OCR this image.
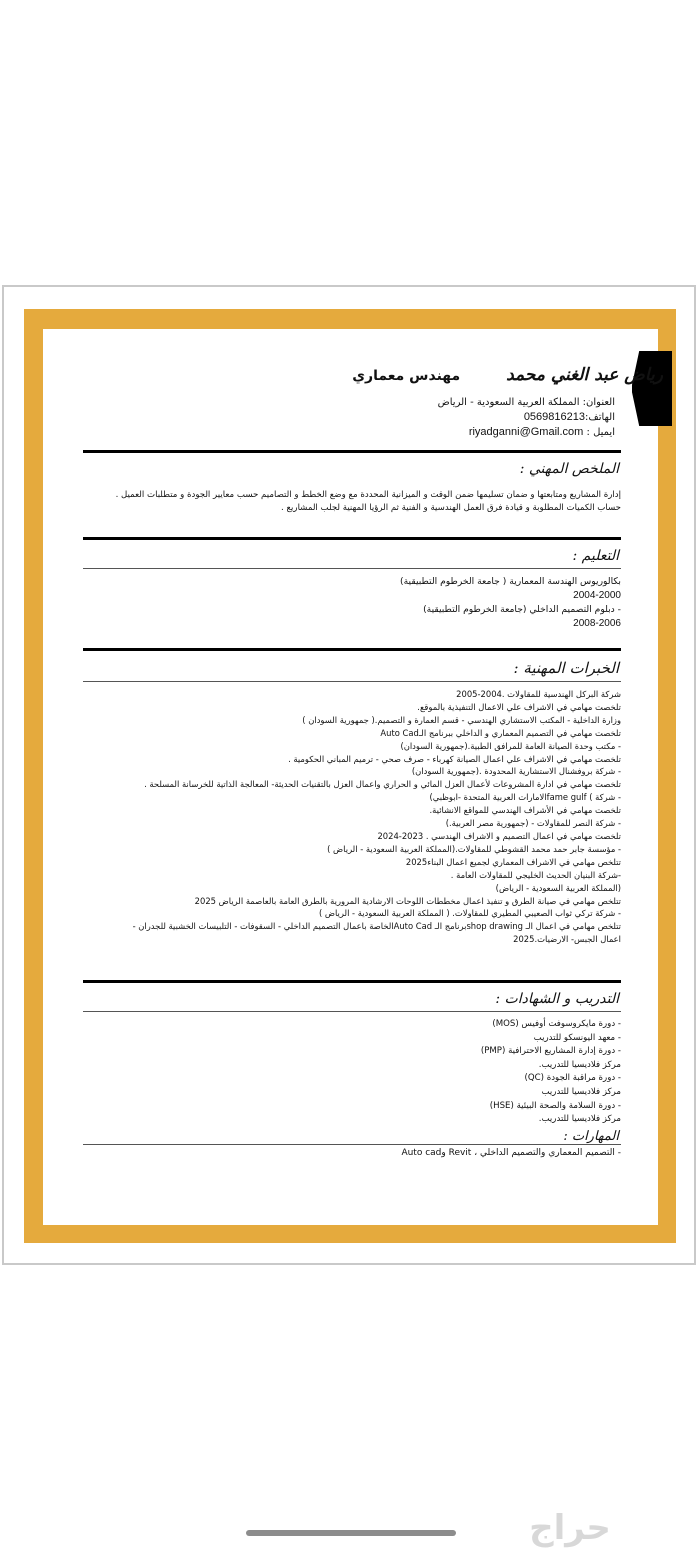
رياض عبد الغني محمد مهندس معماري
العنوان: المملكة العربية السعودية - الرياض
الهاتف:0569816213
ايميل : riyadganni@Gmail.com
الملخص المهني :
إدارة المشاريع ومتابعتها و ضمان تسليمها ضمن الوقت و الميزانية المحددة مع وضع الخطط و التصاميم حسب معايير الجودة و متطلبات العميل .
حساب الكميات المطلوبة و قيادة فرق العمل الهندسية و الفنية ثم الرؤيا المهنية لجلب المشاريع .
التعليم :
بكالوريوس الهندسة المعمارية ( جامعة الخرطوم التطبيقية)
2004-2000
- دبلوم التصميم الداخلي (جامعة الخرطوم التطبيقية)
2008-2006
الخبرات المهنية :
شركة البركل الهندسية للمقاولات .2004-2005
تلخصت مهامي في الاشراف علي الاعمال التنفيذية بالموقع.
وزارة الداخلية - المكتب الاستشاري الهندسي - قسم العمارة و التصميم.( جمهورية السودان )
تلخصت مهامي في التصميم المعماري و الداخلي ببرنامج الـAuto Cad
- مكتب وحدة الصيانة العامة للمرافق الطبية.(جمهورية السودان)
تلخصت مهامي في الاشراف علي اعمال الصيانة كهرباء - صرف صحي - ترميم المباني الحكومية .
- شركة بروفشنال الاستشارية المحدودة .(جمهورية السودان)
تلخصت مهامي في ادارة المشروعات لأعمال العزل المائي و الحراري واعمال العزل بالتقنيات الحديثة- المعالجة الذاتية للخرسانة المسلحة .
- شركة ) fame gulfالامارات العربية المتحدة -ابوظبي)
تلخصت مهامي في الأشراف الهندسي للمواقع الانشائية.
- شركة النصر للمقاولات - (جمهورية مصر العربية.)
تلخصت مهامي في اعمال التصميم و الاشراف الهندسي . 2023-2024
- مؤسسة جابر حمد محمد القشوطي للمقاولات.(المملكة العربية السعودية - الرياض )
تتلخص مهامي في الاشراف المعماري لجميع اعمال البناء2025
-شركة البنيان الحديث الخليجي للمقاولات العامة .
(المملكة العربية السعودية - الرياض)
تتلخص مهامي في صيانة الطرق و تنفيذ اعمال مخططات اللوحات الارشادية المرورية بالطرق العامة بالعاصمة الرياض 2025
- شركة تركي ثواب الصعيبي المطيري للمقاولات. ( المملكة العربية السعودية - الرياض )
تتلخص مهامي في اعمال الـ shop drawingبرنامج الـ Auto Cadالخاصة باعمال التصميم الداخلي - السقوفات - التلبيسات الخشبية للجدران -
اعمال الجبس- الارضيات.2025
التدريب و الشهادات :
- دورة مايكروسوفت أوفيس (MOS)
- معهد اليونسكو للتدريب
- دورة إدارة المشاريع الاحترافية (PMP)
مركز فلاديسيا للتدريب.
- دورة مراقبة الجودة (QC)
مركز فلاديسيا للتدريب
- دورة السلامة والصحة البيئية (HSE)
مركز فلاديسيا للتدريب.
المهارات :
- التصميم المعماري والتصميم الداخلي ، Revit وAuto cad
حراج
